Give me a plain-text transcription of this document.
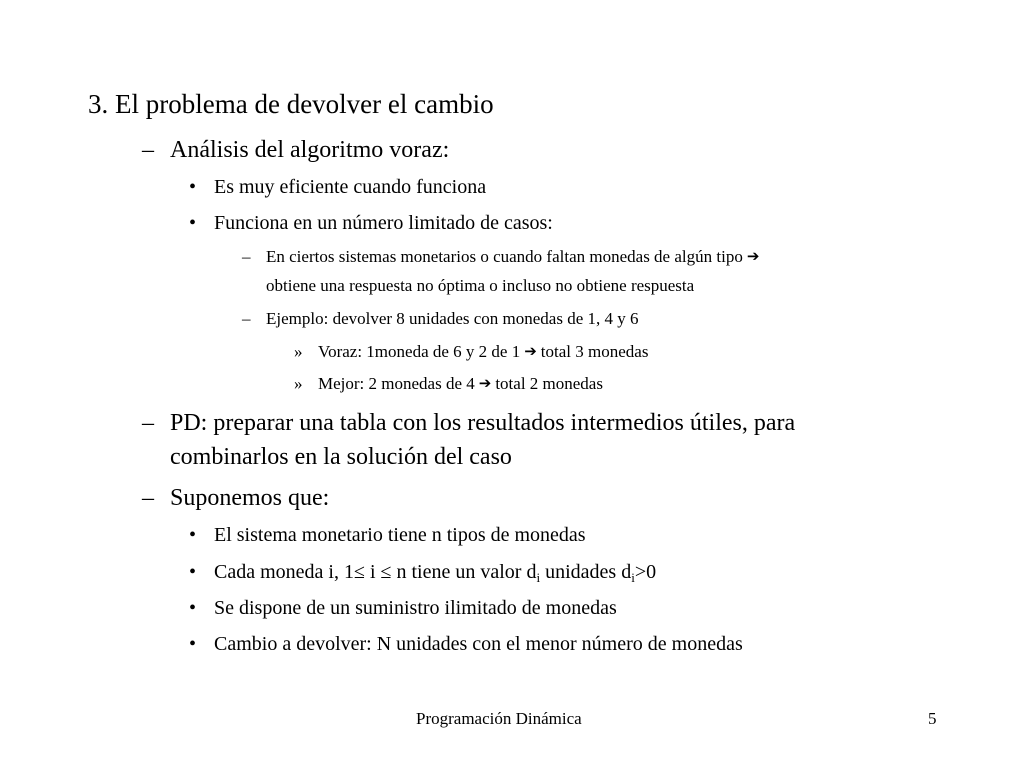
3. El problema de devolver el cambio
– Análisis del algoritmo voraz:
• Es muy eficiente cuando funciona
• Funciona en un número limitado de casos:
– En ciertos sistemas monetarios o cuando faltan monedas de algún tipo ➔
obtiene una respuesta no óptima o incluso no obtiene respuesta
– Ejemplo: devolver 8 unidades con monedas de 1, 4 y 6
» Voraz: 1moneda de 6 y 2 de 1 ➔ total 3 monedas
» Mejor: 2 monedas de 4 ➔ total 2 monedas
– PD: preparar una tabla con los resultados intermedios útiles, para
combinarlos en la solución del caso
– Suponemos que:
• El sistema monetario tiene n tipos de monedas
• Cada moneda i, 1≤ i ≤ n tiene un valor $d_i$ unidades $d_i>0$
• Se dispone de un suministro ilimitado de monedas
• Cambio a devolver: N unidades con el menor número de monedas
Programación Dinámica	5
